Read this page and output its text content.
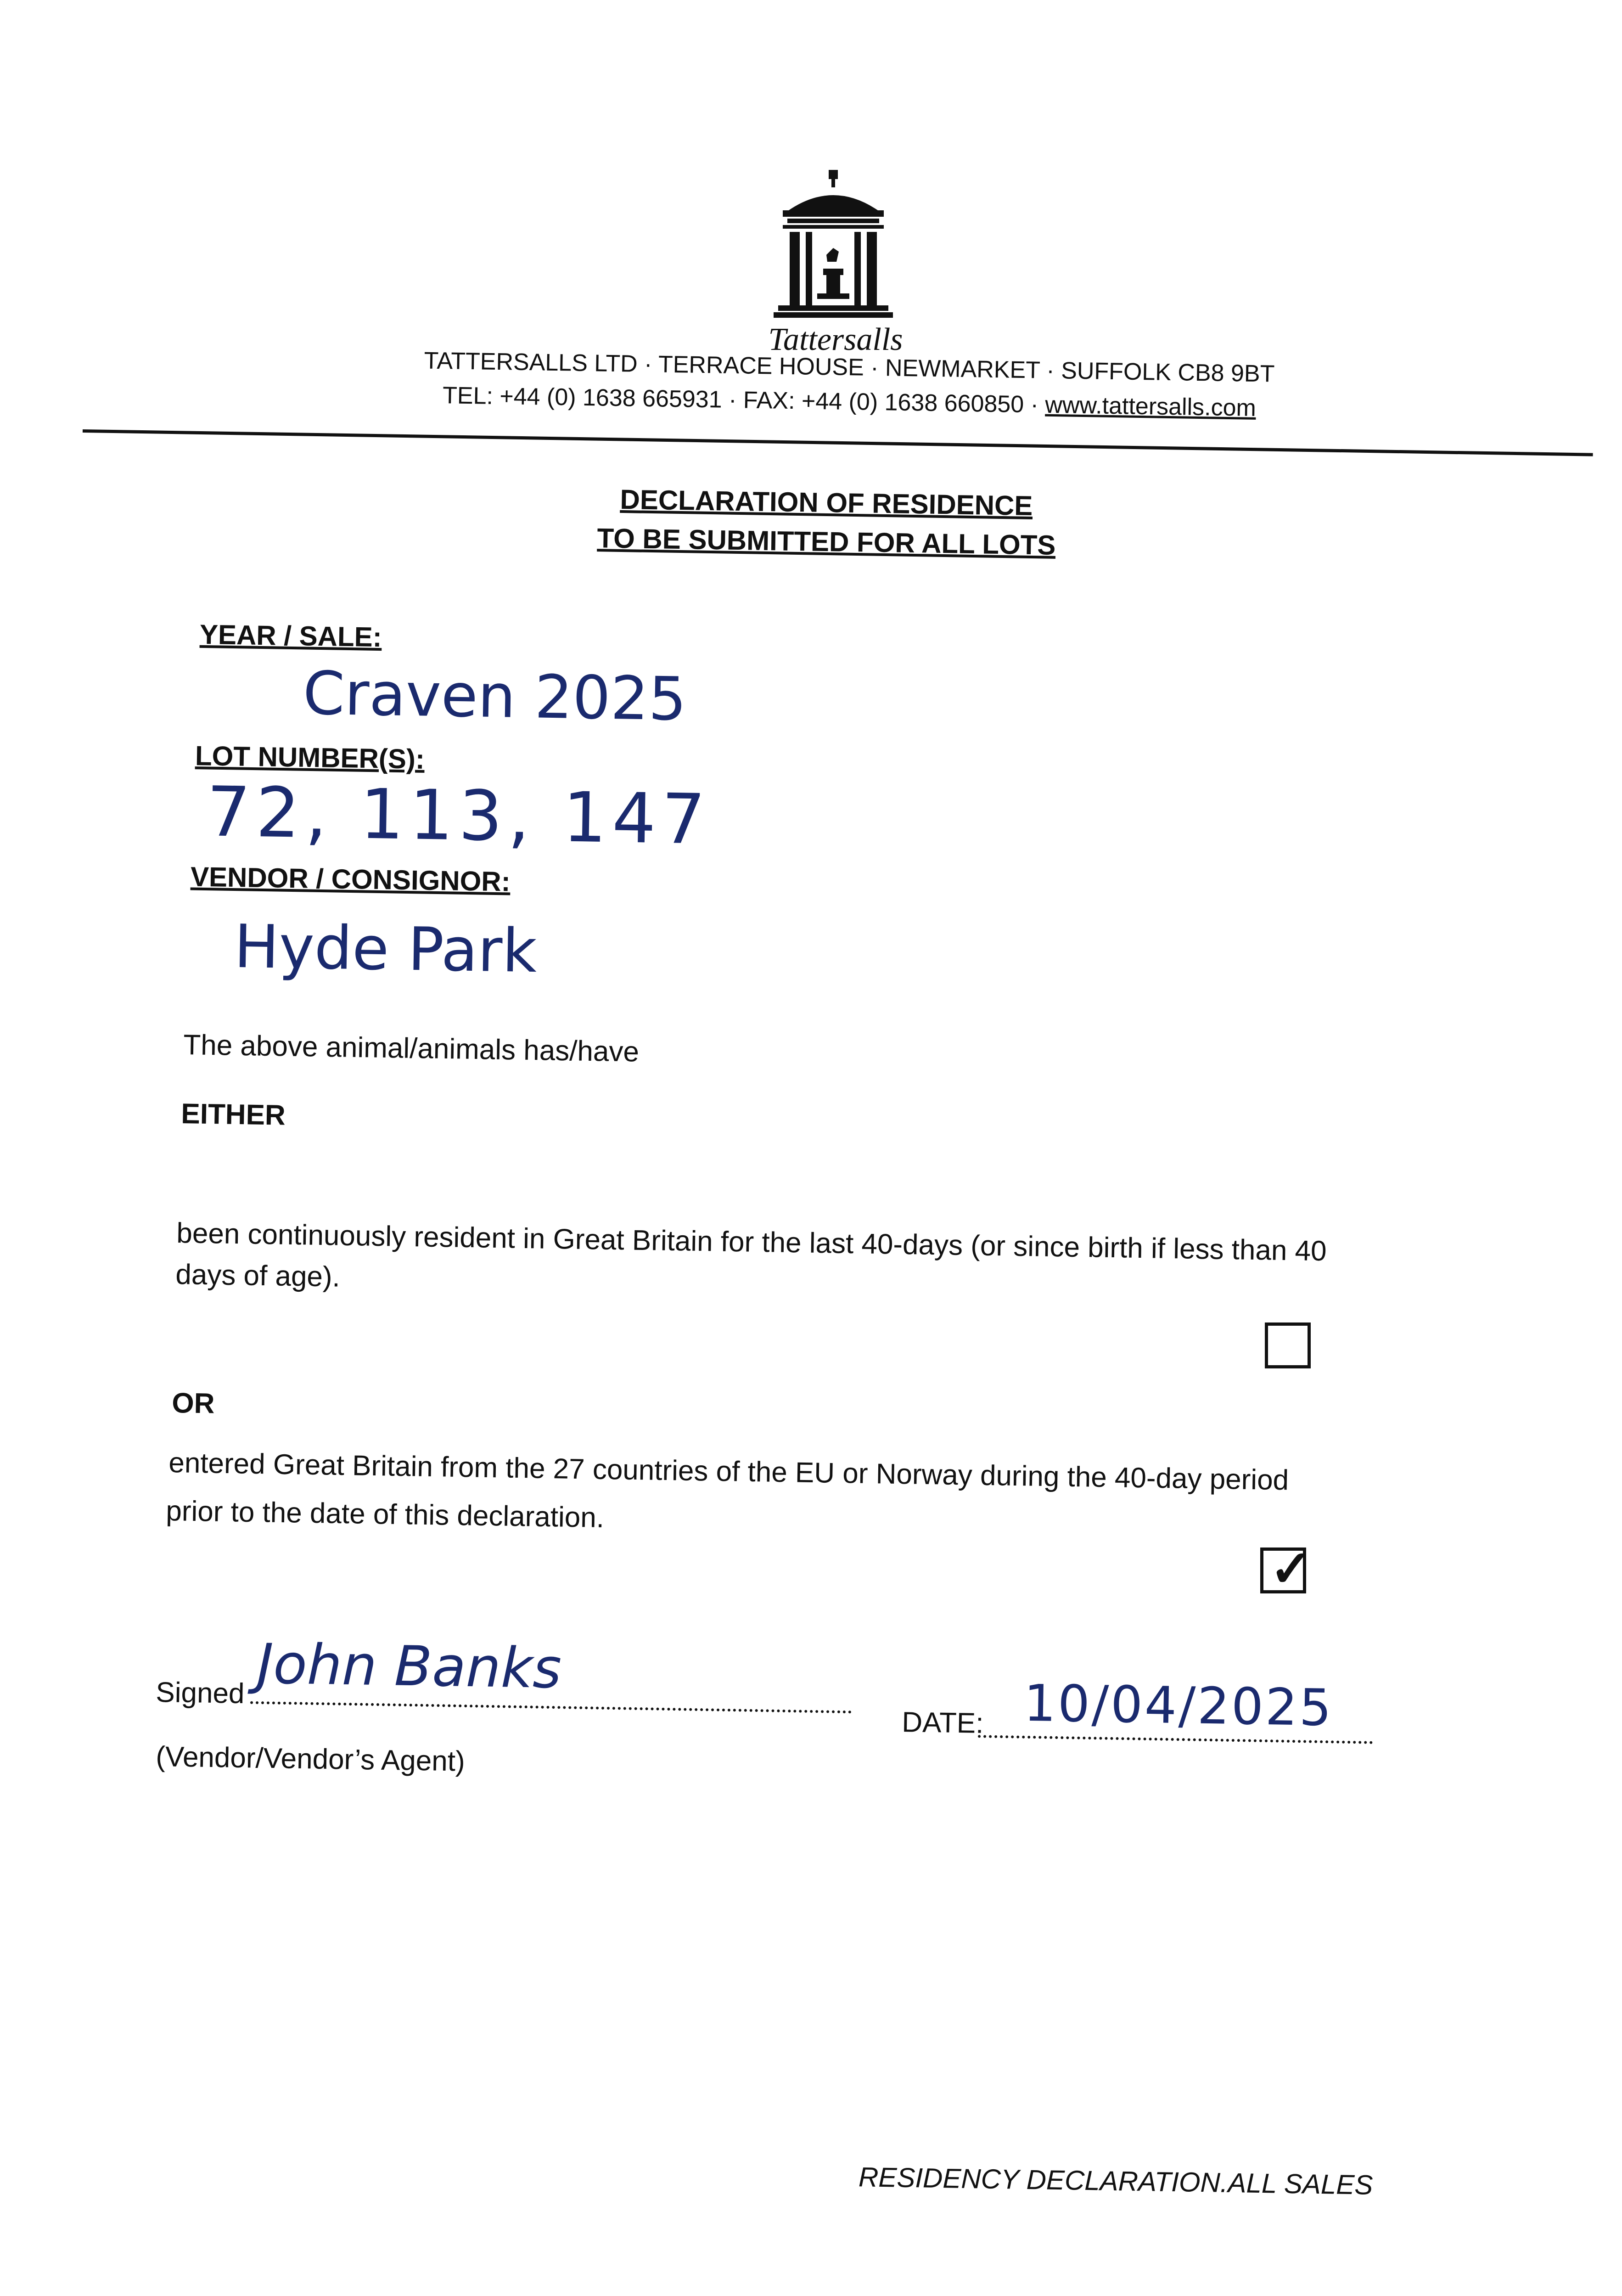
Tattersalls
TATTERSALLS LTD · TERRACE HOUSE · NEWMARKET · SUFFOLK CB8 9BT
TEL: +44 (0) 1638 665931 · FAX: +44 (0) 1638 660850 · www.tattersalls.com
DECLARATION OF RESIDENCE
TO BE SUBMITTED FOR ALL LOTS
YEAR / SALE:
Craven 2025
LOT NUMBER(S):
72, 113, 147
VENDOR / CONSIGNOR:
Hyde Park
The above animal/animals has/have
EITHER
been continuously resident in Great Britain for the last 40-days (or since birth if less than 40
days of age).
OR
entered Great Britain from the 27 countries of the EU or Norway during the 40-day period
prior to the date of this declaration.
✓
Signed John Banks
DATE: 10/04/2025
(Vendor/Vendor’s Agent)
RESIDENCY DECLARATION.ALL SALES
